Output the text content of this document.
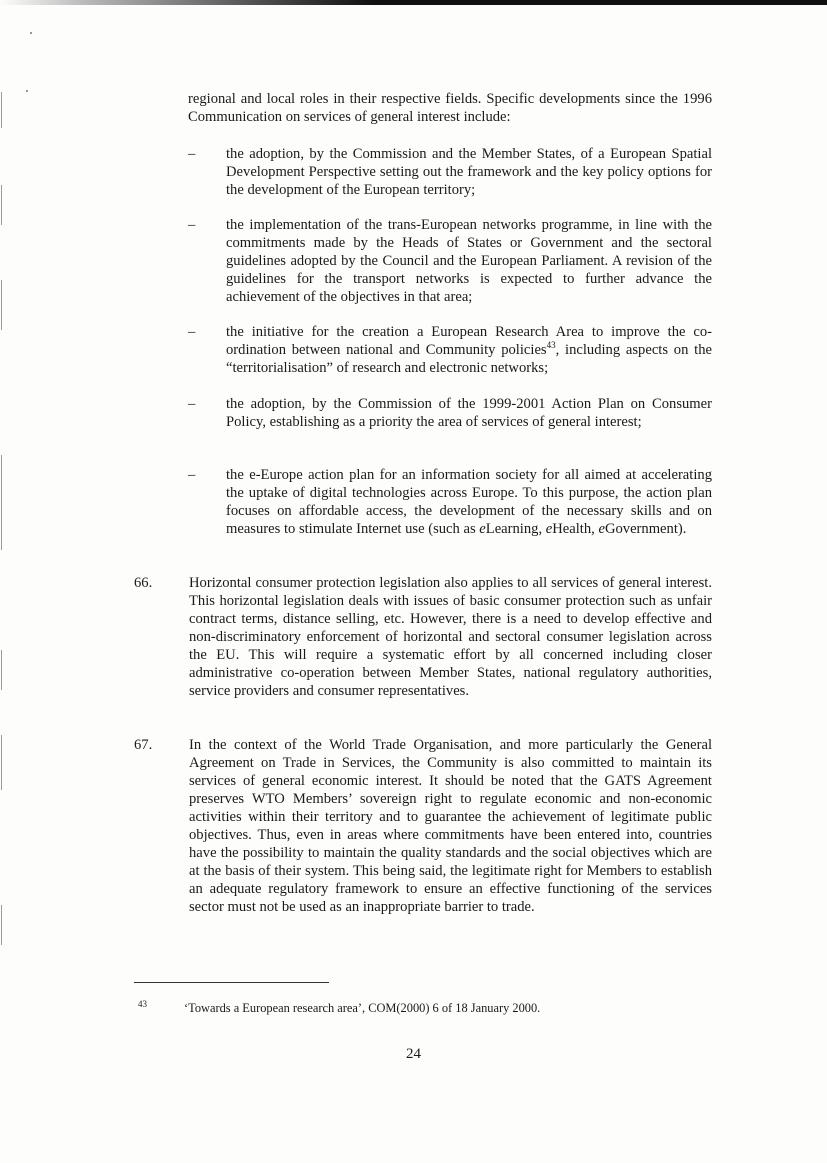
regional and local roles in their respective fields. Specific developments since the 1996 Communication on services of general interest include:
– the adoption, by the Commission and the Member States, of a European Spatial Development Perspective setting out the framework and the key policy options for the development of the European territory;
– the implementation of the trans-European networks programme, in line with the commitments made by the Heads of States or Government and the sectoral guidelines adopted by the Council and the European Parliament. A revision of the guidelines for the transport networks is expected to further advance the achievement of the objectives in that area;
– the initiative for the creation a European Research Area to improve the co-ordination between national and Community policies$^{43}$, including aspects on the “territorialisation” of research and electronic networks;
– the adoption, by the Commission of the 1999-2001 Action Plan on Consumer Policy, establishing as a priority the area of services of general interest;
– the e-Europe action plan for an information society for all aimed at accelerating the uptake of digital technologies across Europe. To this purpose, the action plan focuses on affordable access, the development of the necessary skills and on measures to stimulate Internet use (such as eLearning, eHealth, eGovernment).
66.	Horizontal consumer protection legislation also applies to all services of general interest. This horizontal legislation deals with issues of basic consumer protection such as unfair contract terms, distance selling, etc. However, there is a need to develop effective and non-discriminatory enforcement of horizontal and sectoral consumer legislation across the EU. This will require a systematic effort by all concerned including closer administrative co-operation between Member States, national regulatory authorities, service providers and consumer representatives.
67.	In the context of the World Trade Organisation, and more particularly the General Agreement on Trade in Services, the Community is also committed to maintain its services of general economic interest. It should be noted that the GATS Agreement preserves WTO Members’ sovereign right to regulate economic and non-economic activities within their territory and to guarantee the achievement of legitimate public objectives. Thus, even in areas where commitments have been entered into, countries have the possibility to maintain the quality standards and the social objectives which are at the basis of their system. This being said, the legitimate right for Members to establish an adequate regulatory framework to ensure an effective functioning of the services sector must not be used as an inappropriate barrier to trade.
43	‘Towards a European research area’, COM(2000) 6 of 18 January 2000.
24
